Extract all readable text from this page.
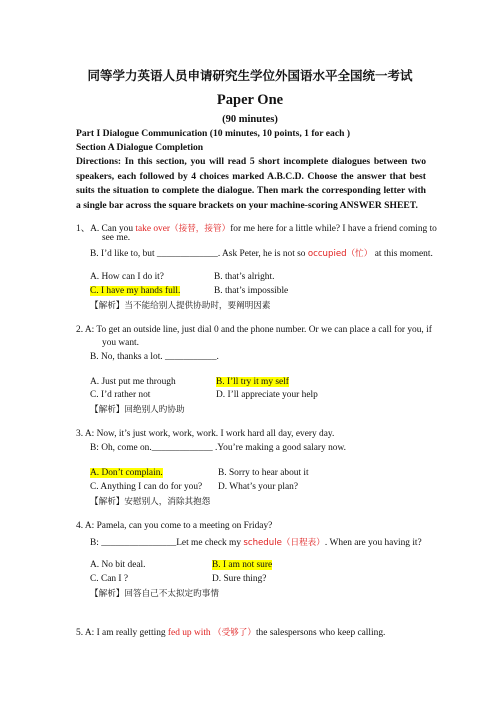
同等学力英语人员申请研究生学位外国语水平全国统一考试
Paper One
(90 minutes)
Part I Dialogue Communication (10 minutes, 10 points, 1 for each )
Section A Dialogue Completion
Directions: In this section, you will read 5 short incomplete dialogues between two speakers, each followed by 4 choices marked A.B.C.D. Choose the answer that best suits the situation to complete the dialogue. Then mark the corresponding letter with a single bar across the square brackets on your machine-scoring ANSWER SHEET.
1、A. Can you take over（接替，接管）for me here for a little while? I have a friend coming to
see me.
B. I’d like to, but _____________. Ask Peter, he is not so occupied（忙） at this moment.
A. How can I do it?	B. that’s alright.
C. I have my hands full.	B. that’s impossible
【解析】当不能给别人提供协助时，要阐明因素
2. A: To get an outside line, just dial 0 and the phone number. Or we can place a call for you, if
you want.
B. No, thanks a lot. ___________.
A. Just put me through	B. I’ll try it my self
C. I’d rather not	D. I’ll appreciate your help
【解析】回绝别人旳协助
3. A: Now, it’s just work, work, work. I work hard all day, every day.
B: Oh, come on._____________ .You’re making a good salary now.
A. Don’t complain.	B. Sorry to hear about it
C. Anything I can do for you? D. What’s your plan?
【解析】安慰别人，消除其抱怨
4. A: Pamela, can you come to a meeting on Friday?
B: ________________Let me check my schedule（日程表）. When are you having it?
A. No bit deal.	B. I am not sure
C. Can I ?	D. Sure thing?
【解析】回答自己不太拟定旳事情
5. A: I am really getting fed up with （受够了）the salespersons who keep calling.
